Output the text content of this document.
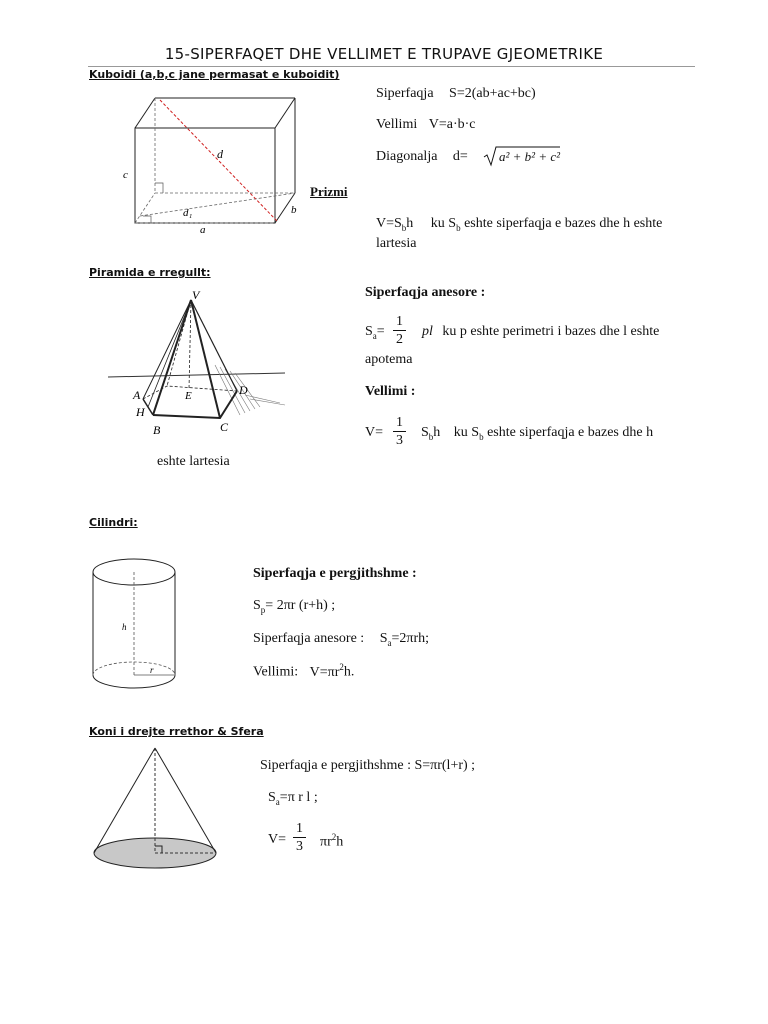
15-SIPERFAQET DHE VELLIMET E TRUPAVE GJEOMETRIKE
Kuboidi (a,b,c jane permasat e kuboidit)
c
d
d₁	b
a
Siperfaqja S=2(ab+ac+bc)
Vellimi V=a·b·c
Diagonalja d= a² + b² + c²
Prizmi
$V=S_bh$ ku $S_b$ eshte siperfaqja e bazes dhe h eshte
lartesia
Piramida e rregullt:
V
A
H
E	D
B	C
Siperfaqja anesore :
$S_a= \frac{1}{2}$ pl ku p eshte perimetri i bazes dhe l eshte
apotema
Vellimi :
$V= \frac{1}{3} S_bh$ ku $S_b$ eshte siperfaqja e bazes dhe h
eshte lartesia
Cilindri:
h
r
Siperfaqja e pergjithshme :
$S_p= 2\pi r$ (r+h) ;
Siperfaqja anesore : $S_a=2\pi rh$;
Vellimi: $V=\pi r^2h$.
Koni i drejte rrethor & Sfera
Siperfaqja e pergjithshme : S=πr(l+r) ;
$S_a=\pi$ r l ;
$V= \frac{1}{3} \pi r^2h$
